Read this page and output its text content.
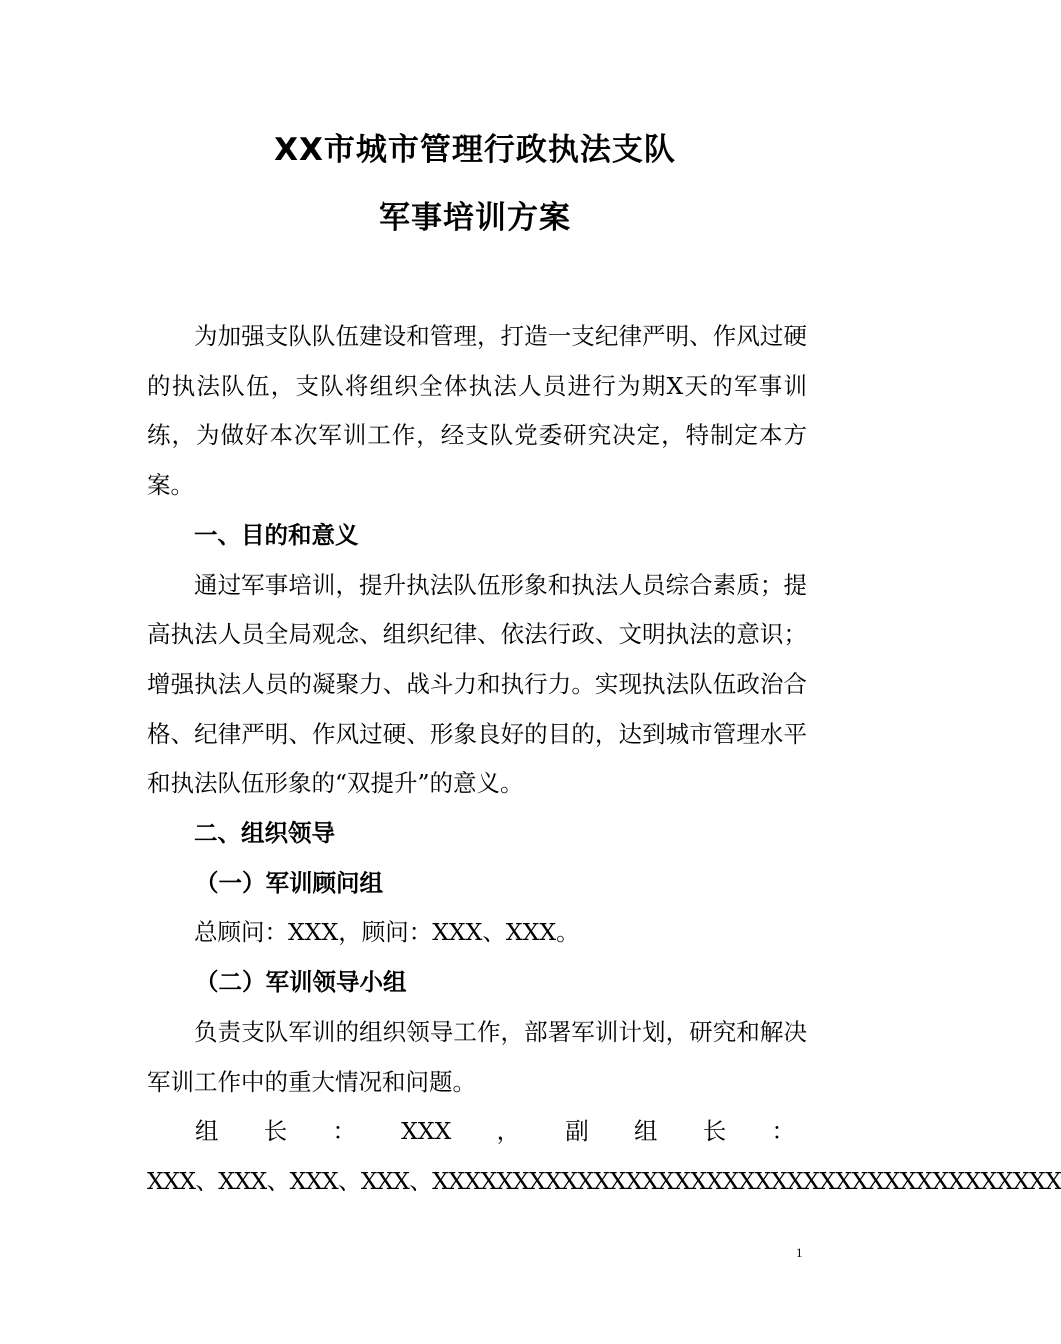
XX市城市管理行政执法支队
军事培训方案

为加强支队队伍建设和管理，打造一支纪律严明、作风过硬的执法队伍，支队将组织全体执法人员进行为期X天的军事训练，为做好本次军训工作，经支队党委研究决定，特制定本方案。

一、目的和意义

通过军事培训，提升执法队伍形象和执法人员综合素质；提高执法人员全局观念、组织纪律、依法行政、文明执法的意识；增强执法人员的凝聚力、战斗力和执行力。实现执法队伍政治合格、纪律严明、作风过硬、形象良好的目的，达到城市管理水平和执法队伍形象的“双提升”的意义。

二、组织领导

（一）军训顾问组

总顾问：XXX，顾问：XXX、XXX。

（二）军训领导小组

负责支队军训的组织领导工作，部署军训计划，研究和解决军训工作中的重大情况和问题。

组 长 ： XXX ， 副 组 长 ：

XXX、XXX、XXX、XXX、XXXXXXXXXXXXXXXXXXXXXXXXXXXXXXXXXXXXXXX

1
